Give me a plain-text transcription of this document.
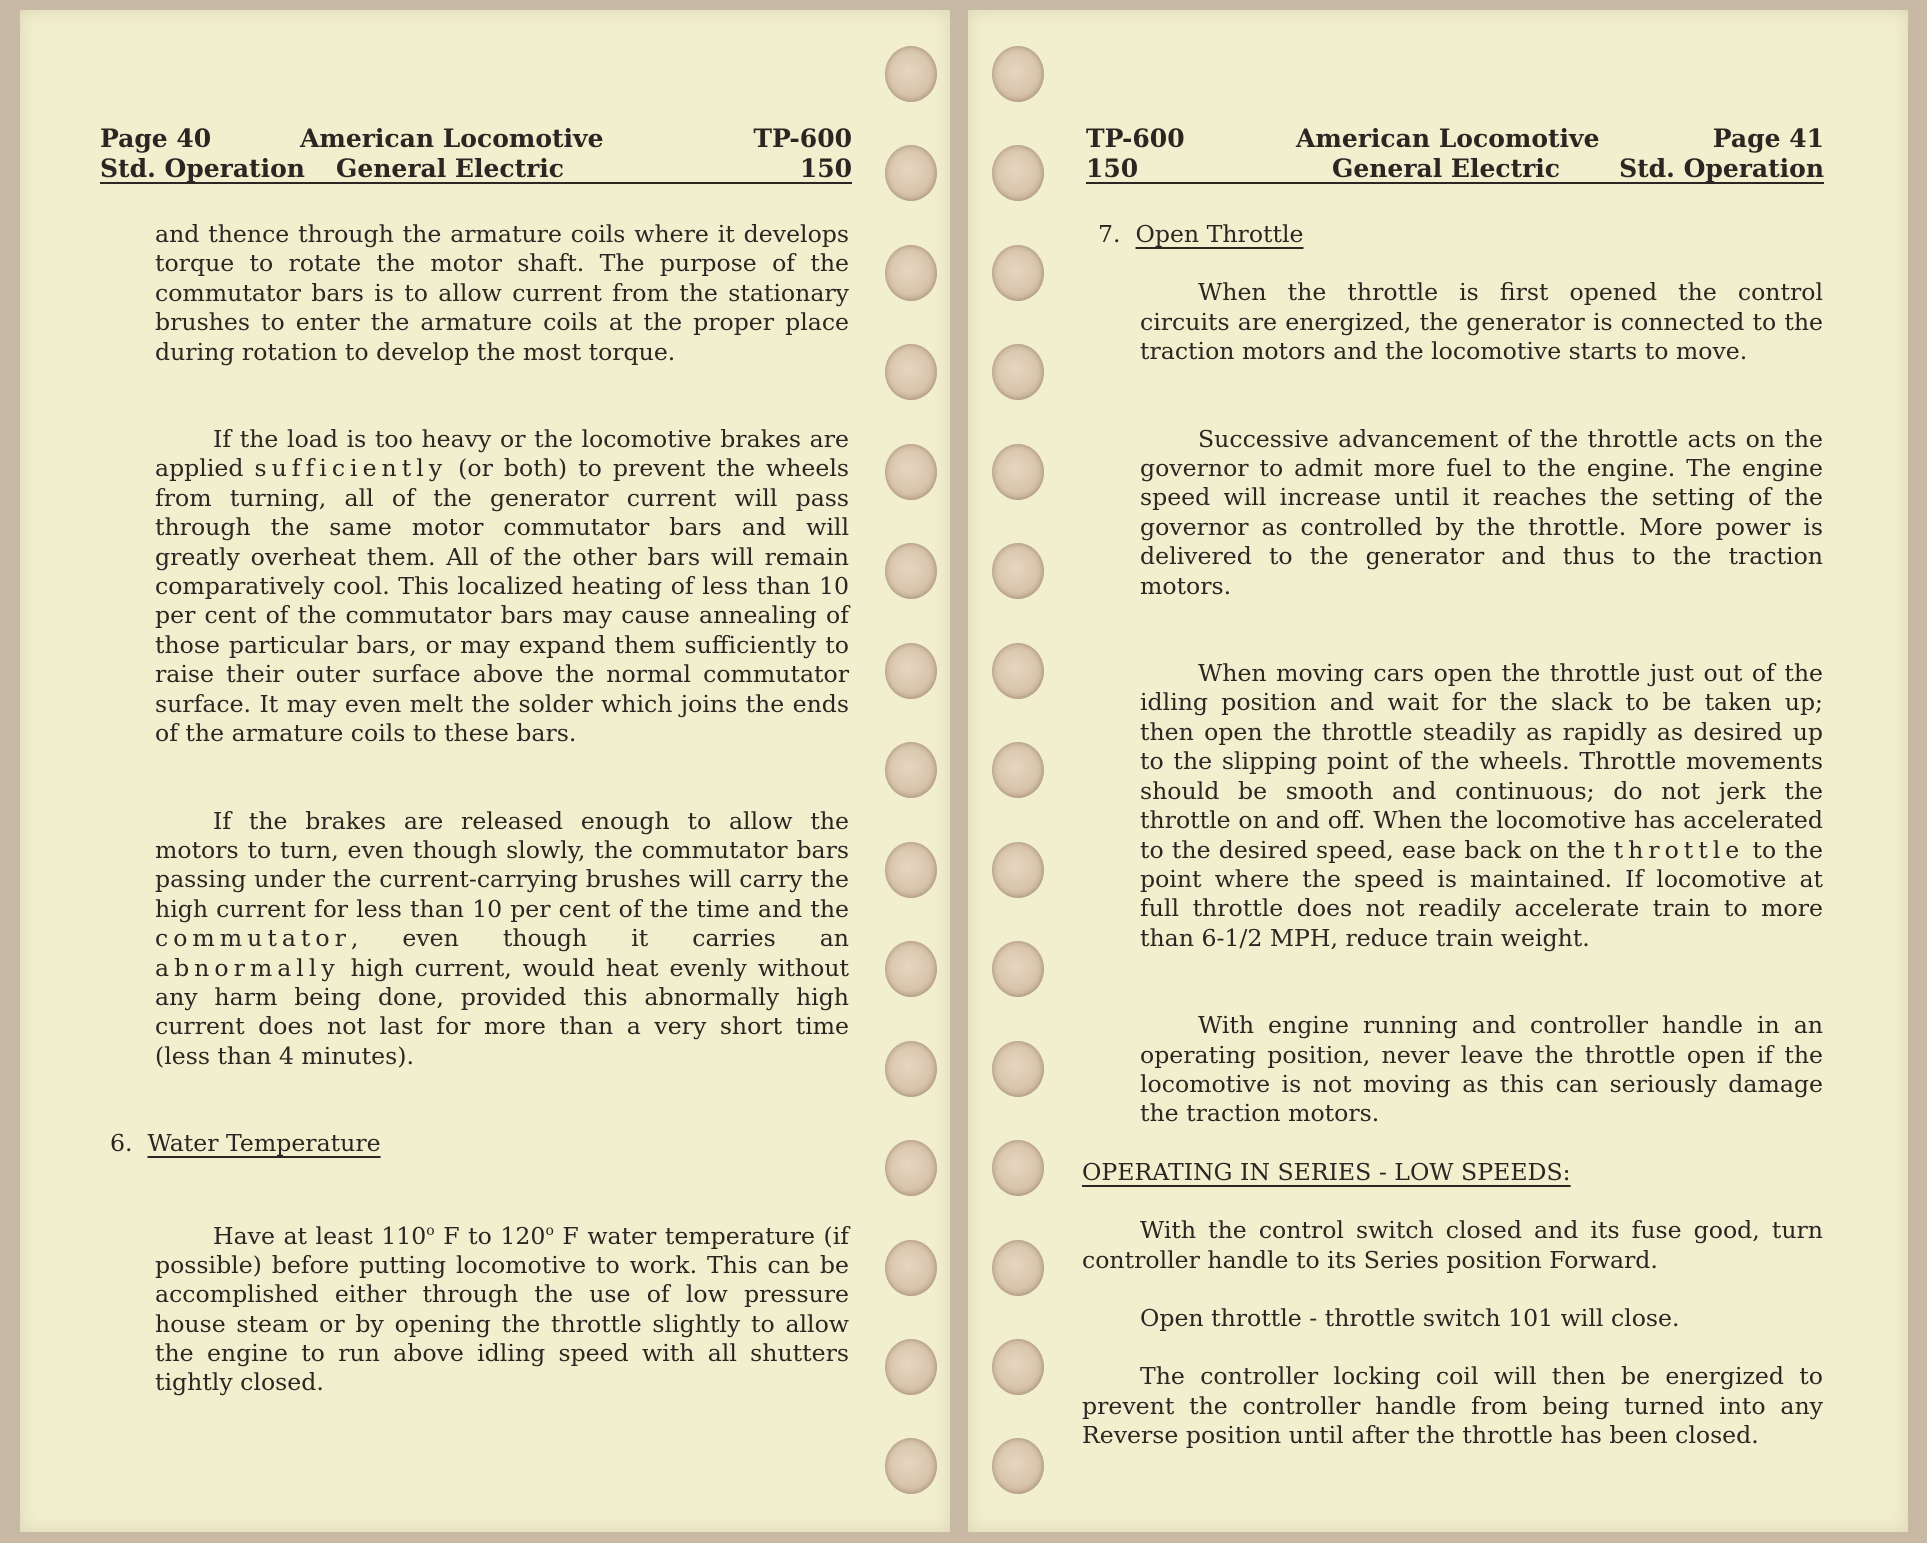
Page 40
Std. Operation
American Locomotive
General Electric
TP-600
150

and thence through the armature coils where it develops torque to rotate the motor shaft. The purpose of the commutator bars is to allow current from the stationary brushes to enter the armature coils at the proper place during rotation to develop the most torque.

If the load is too heavy or the locomotive brakes are applied sufficiently (or both) to prevent the wheels from turning, all of the generator current will pass through the same motor commutator bars and will greatly overheat them. All of the other bars will remain comparatively cool. This localized heating of less than 10 per cent of the commutator bars may cause annealing of those particular bars, or may expand them sufficiently to raise their outer surface above the normal commutator surface. It may even melt the solder which joins the ends of the armature coils to these bars.

If the brakes are released enough to allow the motors to turn, even though slowly, the commutator bars passing under the current-carrying brushes will carry the high current for less than 10 per cent of the time and the commutator, even though it carries an abnormally high current, would heat evenly without any harm being done, provided this abnormally high current does not last for more than a very short time (less than 4 minutes).

6. Water Temperature

Have at least 110$^o$ F to 120$^o$ F water temperature (if possible) before putting locomotive to work. This can be accomplished either through the use of low pressure house steam or by opening the throttle slightly to allow the engine to run above idling speed with all shutters tightly closed.

TP-600
150
American Locomotive
General Electric
Page 41
Std. Operation

7. Open Throttle

When the throttle is first opened the control circuits are energized, the generator is connected to the traction motors and the locomotive starts to move.

Successive advancement of the throttle acts on the governor to admit more fuel to the engine. The engine speed will increase until it reaches the setting of the governor as controlled by the throttle. More power is delivered to the generator and thus to the traction motors.

When moving cars open the throttle just out of the idling position and wait for the slack to be taken up; then open the throttle steadily as rapidly as desired up to the slipping point of the wheels. Throttle movements should be smooth and continuous; do not jerk the throttle on and off. When the locomotive has accelerated to the desired speed, ease back on the throttle to the point where the speed is maintained. If locomotive at full throttle does not readily accelerate train to more than 6-1/2 MPH, reduce train weight.

With engine running and controller handle in an operating position, never leave the throttle open if the locomotive is not moving as this can seriously damage the traction motors.

OPERATING IN SERIES - LOW SPEEDS:

With the control switch closed and its fuse good, turn controller handle to its Series position Forward.

Open throttle - throttle switch 101 will close.

The controller locking coil will then be energized to prevent the controller handle from being turned into any Reverse position until after the throttle has been closed.
